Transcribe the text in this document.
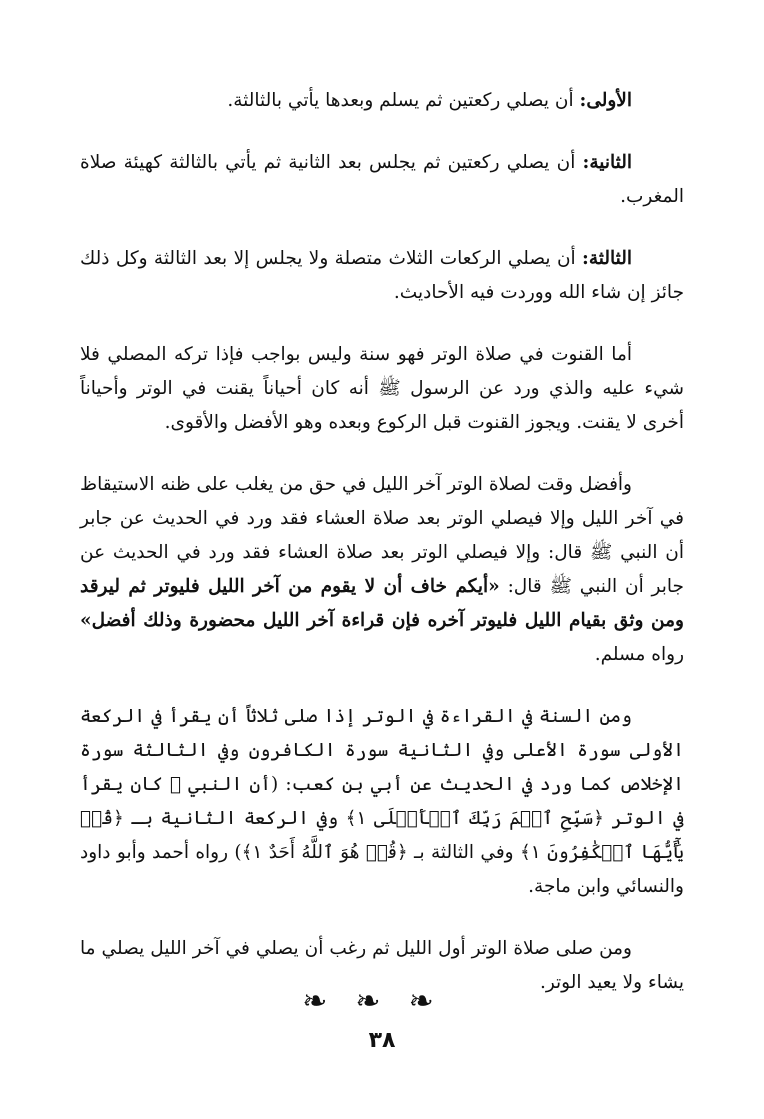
الأولى: أن يصلي ركعتين ثم يسلم وبعدها يأتي بالثالثة.

الثانية: أن يصلي ركعتين ثم يجلس بعد الثانية ثم يأتي بالثالثة كهيئة صلاة المغرب.

الثالثة: أن يصلي الركعات الثلاث متصلة ولا يجلس إلا بعد الثالثة وكل ذلك جائز إن شاء الله ووردت فيه الأحاديث.

أما القنوت في صلاة الوتر فهو سنة وليس بواجب فإذا تركه المصلي فلا شيء عليه والذي ورد عن الرسول ﷺ أنه كان أحياناً يقنت في الوتر وأحياناً أخرى لا يقنت. ويجوز القنوت قبل الركوع وبعده وهو الأفضل والأقوى.

وأفضل وقت لصلاة الوتر آخر الليل في حق من يغلب على ظنه الاستيقاظ في آخر الليل وإلا فيصلي الوتر بعد صلاة العشاء فقد ورد في الحديث عن جابر أن النبي ﷺ قال: وإلا فيصلي الوتر بعد صلاة العشاء فقد ورد في الحديث عن جابر أن النبي ﷺ قال: «أيكم خاف أن لا يقوم من آخر الليل فليوتر ثم ليرقد ومن وثق بقيام الليل فليوتر آخره فإن قراءة آخر الليل محضورة وذلك أفضل» رواه مسلم.

ومن السنة في القراءة في الوتر إذا صلى ثلاثاً أن يقرأ في الركعة الأولى سورة الأعلى وفي الثانية سورة الكافرون وفي الثالثة سورة الإخلاص كما ورد في الحديث عن أبي بن كعب: (أن النبي ﷺ كان يقرأ في الوتر ﴿سَبِّحِ ٱسۡمَ رَبِّكَ ٱلۡأَعۡلَى ١﴾ وفي الركعة الثانية بـ ﴿قُلۡ يَٰٓأَيُّهَا ٱلۡكَٰفِرُونَ ١﴾ وفي الثالثة بـ ﴿قُلۡ هُوَ ٱللَّهُ أَحَدٌ ١﴾) رواه أحمد وأبو داود والنسائي وابن ماجة.

ومن صلى صلاة الوتر أول الليل ثم رغب أن يصلي في آخر الليل يصلي ما يشاء ولا يعيد الوتر.

❧❧❧
٣٨
